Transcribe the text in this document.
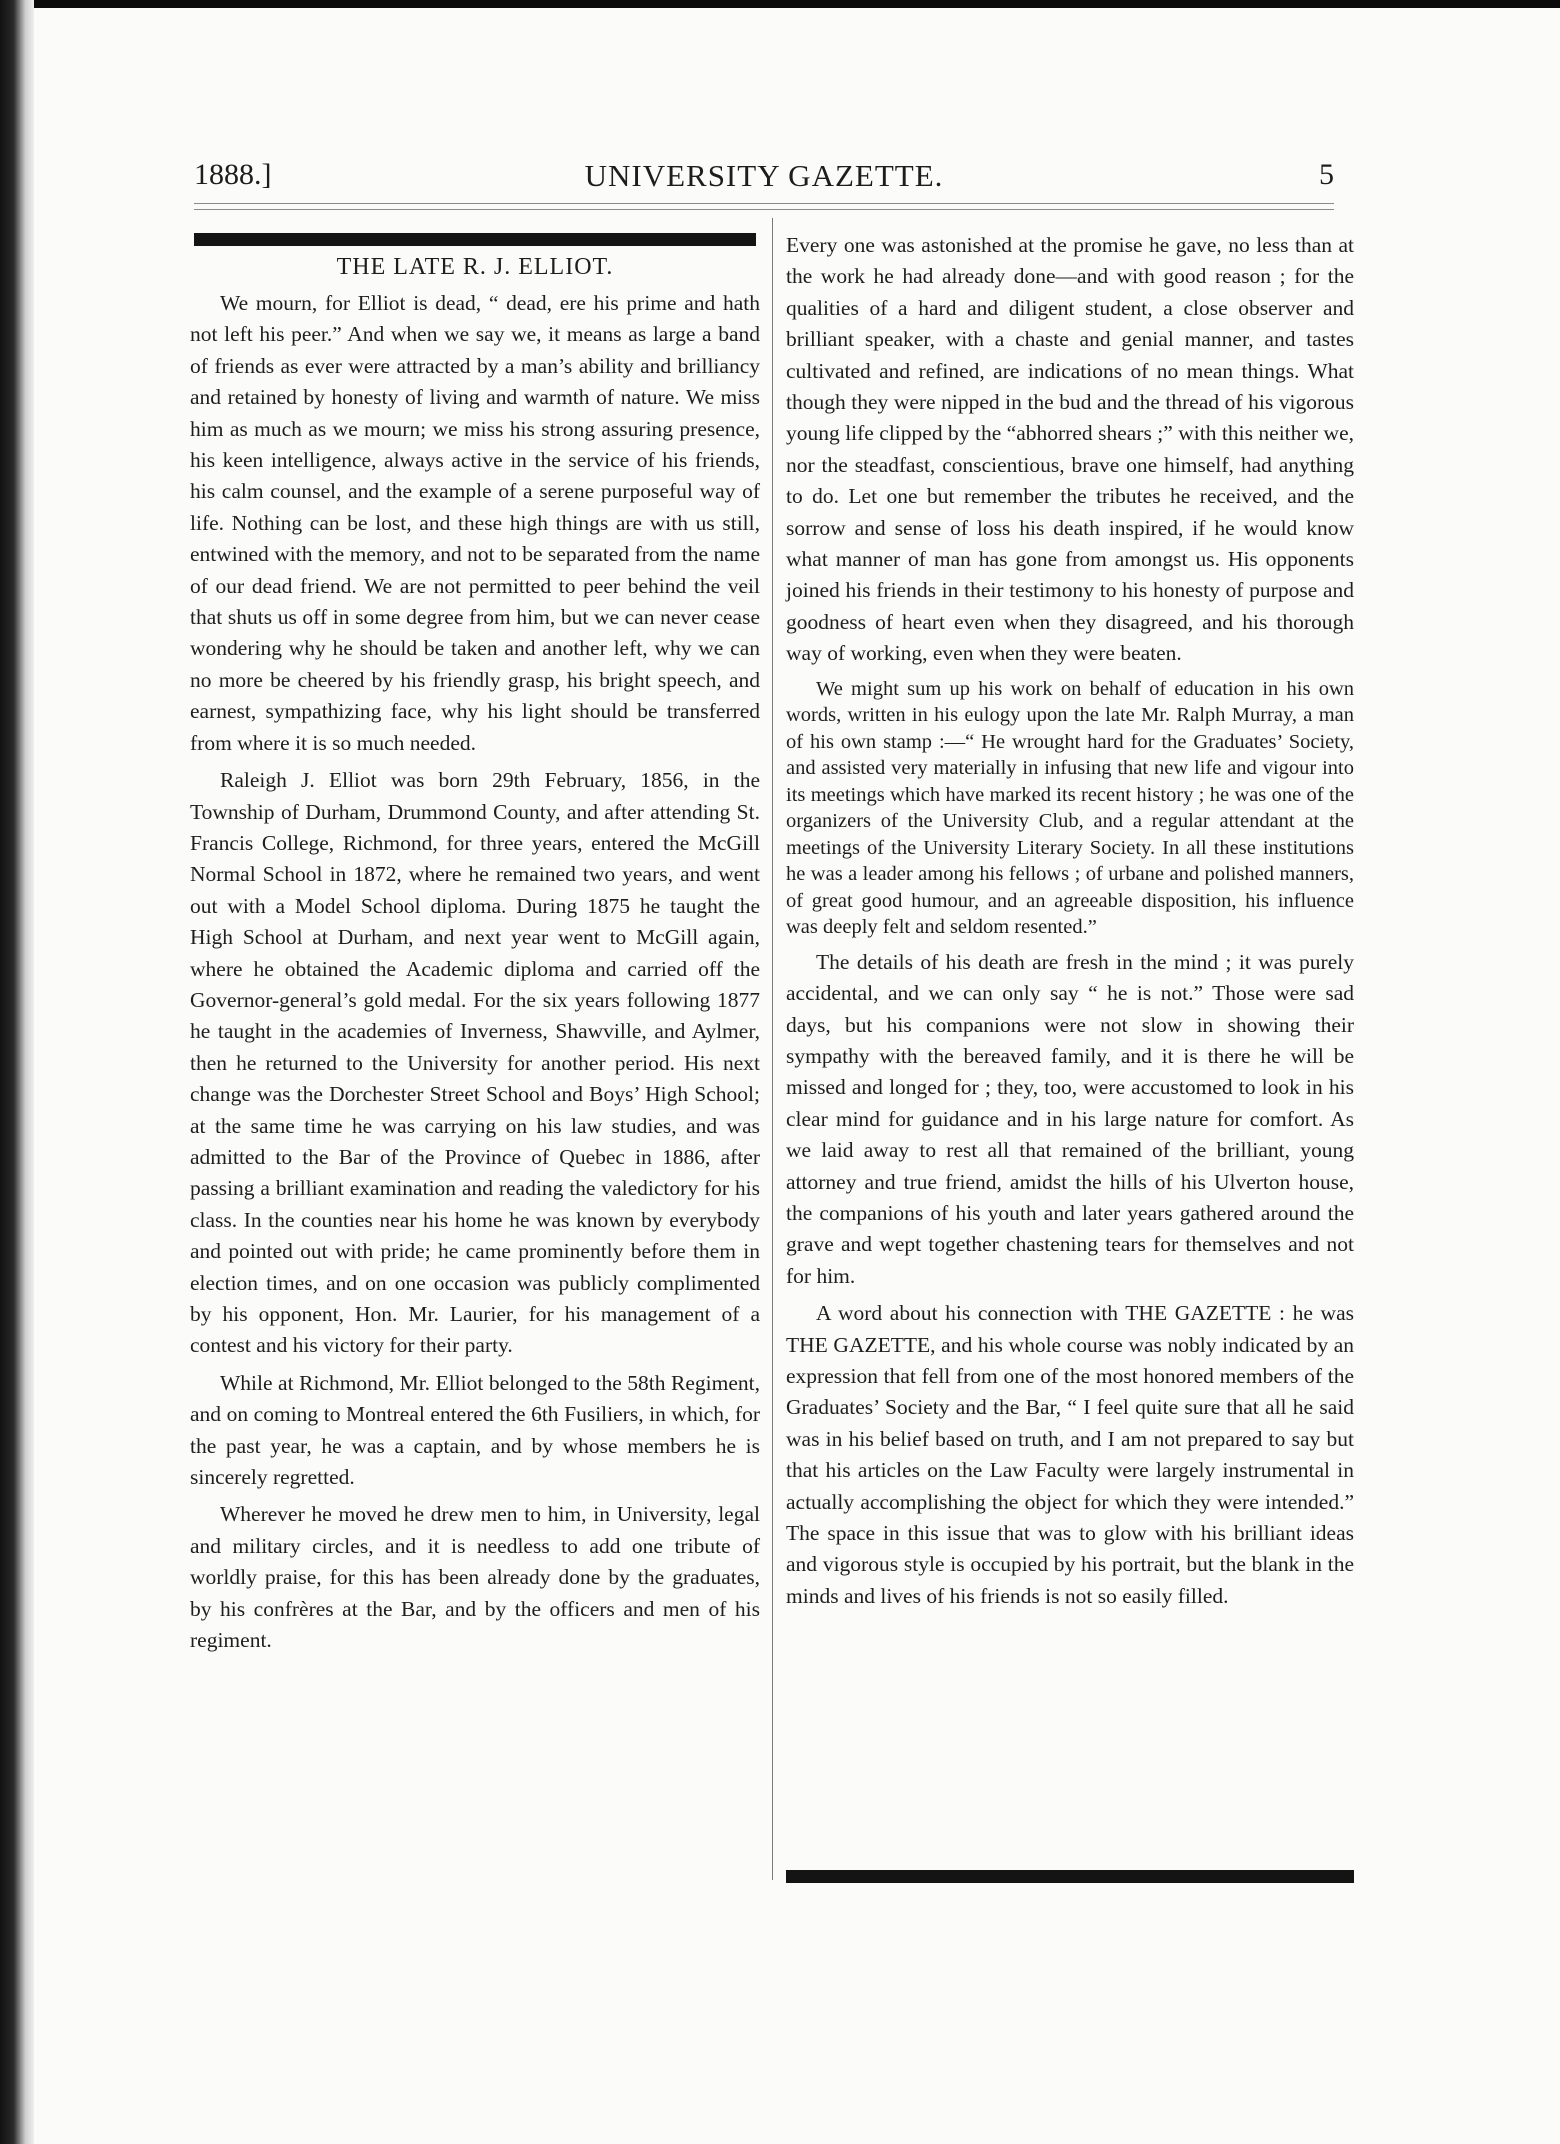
1888.]	UNIVERSITY GAZETTE.	5
THE LATE R. J. ELLIOT.

We mourn, for Elliot is dead, “ dead, ere his prime and hath not left his peer.” And when we say we, it means as large a band of friends as ever were attracted by a man’s ability and brilliancy and retained by honesty of living and warmth of nature. We miss him as much as we mourn; we miss his strong assuring presence, his keen intelligence, always active in the service of his friends, his calm counsel, and the example of a serene purposeful way of life. Nothing can be lost, and these high things are with us still, entwined with the memory, and not to be separated from the name of our dead friend. We are not permitted to peer behind the veil that shuts us off in some degree from him, but we can never cease wondering why he should be taken and another left, why we can no more be cheered by his friendly grasp, his bright speech, and earnest, sympathizing face, why his light should be transferred from where it is so much needed.

Raleigh J. Elliot was born 29th February, 1856, in the Township of Durham, Drummond County, and after attending St. Francis College, Richmond, for three years, entered the McGill Normal School in 1872, where he remained two years, and went out with a Model School diploma. During 1875 he taught the High School at Durham, and next year went to McGill again, where he obtained the Academic diploma and carried off the Governor-general’s gold medal. For the six years following 1877 he taught in the academies of Inverness, Shawville, and Aylmer, then he returned to the University for another period. His next change was the Dorchester Street School and Boys’ High School; at the same time he was carrying on his law studies, and was admitted to the Bar of the Province of Quebec in 1886, after passing a brilliant examination and reading the valedictory for his class. In the counties near his home he was known by everybody and pointed out with pride; he came prominently before them in election times, and on one occasion was publicly complimented by his opponent, Hon. Mr. Laurier, for his management of a contest and his victory for their party.

While at Richmond, Mr. Elliot belonged to the 58th Regiment, and on coming to Montreal entered the 6th Fusiliers, in which, for the past year, he was a captain, and by whose members he is sincerely regretted.

Wherever he moved he drew men to him, in University, legal and military circles, and it is needless to add one tribute of worldly praise, for this has been already done by the graduates, by his confrères at the Bar, and by the officers and men of his regiment.

Every one was astonished at the promise he gave, no less than at the work he had already done—and with good reason ; for the qualities of a hard and diligent student, a close observer and brilliant speaker, with a chaste and genial manner, and tastes cultivated and refined, are indications of no mean things. What though they were nipped in the bud and the thread of his vigorous young life clipped by the “abhorred shears ;” with this neither we, nor the steadfast, conscientious, brave one himself, had anything to do. Let one but remember the tributes he received, and the sorrow and sense of loss his death inspired, if he would know what manner of man has gone from amongst us. His opponents joined his friends in their testimony to his honesty of purpose and goodness of heart even when they disagreed, and his thorough way of working, even when they were beaten.

We might sum up his work on behalf of education in his own words, written in his eulogy upon the late Mr. Ralph Murray, a man of his own stamp :—“ He wrought hard for the Graduates’ Society, and assisted very materially in infusing that new life and vigour into its meetings which have marked its recent history ; he was one of the organizers of the University Club, and a regular attendant at the meetings of the University Literary Society. In all these institutions he was a leader among his fellows ; of urbane and polished manners, of great good humour, and an agreeable disposition, his influence was deeply felt and seldom resented.”

The details of his death are fresh in the mind ; it was purely accidental, and we can only say “ he is not.” Those were sad days, but his companions were not slow in showing their sympathy with the bereaved family, and it is there he will be missed and longed for ; they, too, were accustomed to look in his clear mind for guidance and in his large nature for comfort. As we laid away to rest all that remained of the brilliant, young attorney and true friend, amidst the hills of his Ulverton house, the companions of his youth and later years gathered around the grave and wept together chastening tears for themselves and not for him.

A word about his connection with THE GAZETTE : he was THE GAZETTE, and his whole course was nobly indicated by an expression that fell from one of the most honored members of the Graduates’ Society and the Bar, “ I feel quite sure that all he said was in his belief based on truth, and I am not prepared to say but that his articles on the Law Faculty were largely instrumental in actually accomplishing the object for which they were intended.” The space in this issue that was to glow with his brilliant ideas and vigorous style is occupied by his portrait, but the blank in the minds and lives of his friends is not so easily filled.
